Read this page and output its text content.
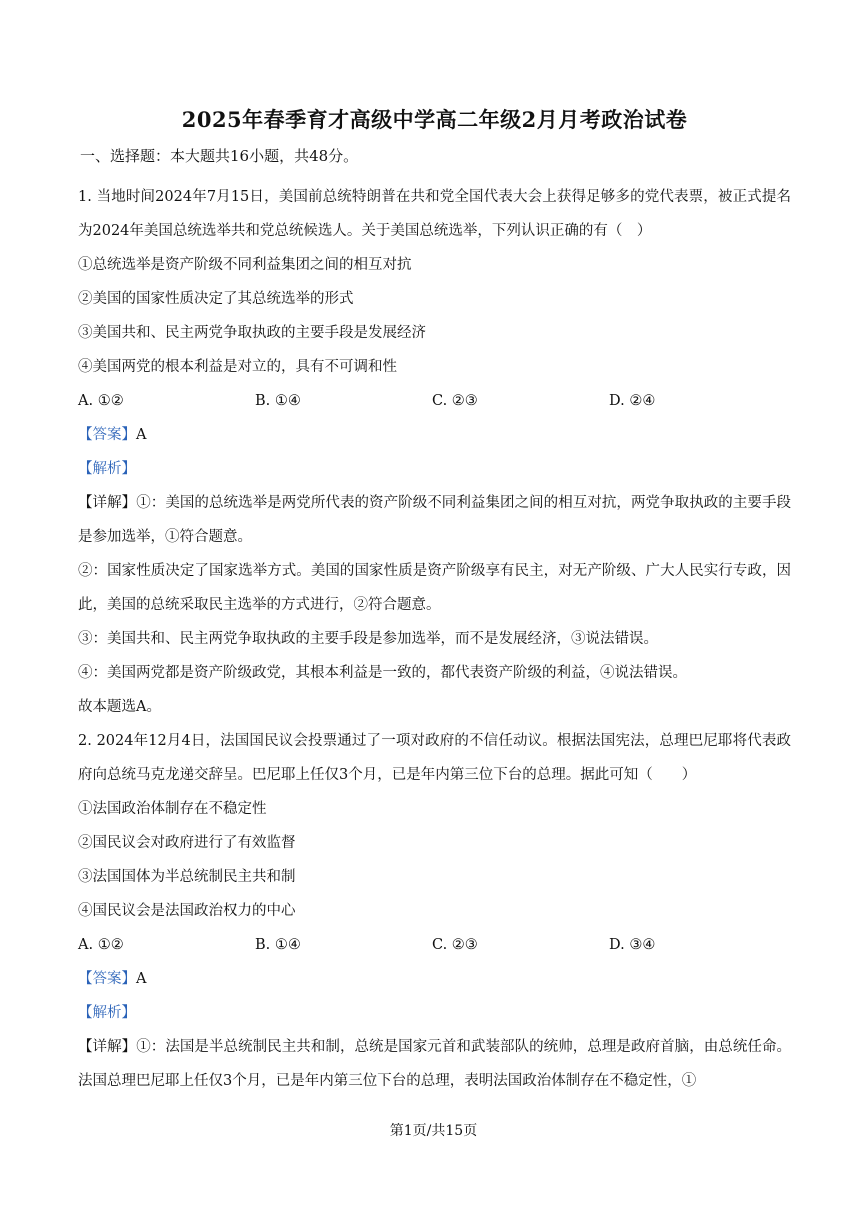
2025年春季育才高级中学高二年级2月月考政治试卷
一、选择题：本大题共16小题，共48分。

1. 当地时间2024年7月15日，美国前总统特朗普在共和党全国代表大会上获得足够多的党代表票，被正式提名为2024年美国总统选举共和党总统候选人。关于美国总统选举，下列认识正确的有（　）

①总统选举是资产阶级不同利益集团之间的相互对抗

②美国的国家性质决定了其总统选举的形式

③美国共和、民主两党争取执政的主要手段是发展经济

④美国两党的根本利益是对立的，具有不可调和性

A. ①②	B. ①④	C. ②③	D. ②④

【答案】A

【解析】

【详解】①：美国的总统选举是两党所代表的资产阶级不同利益集团之间的相互对抗，两党争取执政的主要手段是参加选举，①符合题意。

②：国家性质决定了国家选举方式。美国的国家性质是资产阶级享有民主，对无产阶级、广大人民实行专政，因此，美国的总统采取民主选举的方式进行，②符合题意。

③：美国共和、民主两党争取执政的主要手段是参加选举，而不是发展经济，③说法错误。

④：美国两党都是资产阶级政党，其根本利益是一致的，都代表资产阶级的利益，④说法错误。

故本题选A。

2. 2024年12月4日，法国国民议会投票通过了一项对政府的不信任动议。根据法国宪法，总理巴尼耶将代表政府向总统马克龙递交辞呈。巴尼耶上任仅3个月，已是年内第三位下台的总理。据此可知（　　）

①法国政治体制存在不稳定性

②国民议会对政府进行了有效监督

③法国国体为半总统制民主共和制

④国民议会是法国政治权力的中心

A. ①②	B. ①④	C. ②③	D. ③④

【答案】A

【解析】

【详解】①：法国是半总统制民主共和制，总统是国家元首和武装部队的统帅，总理是政府首脑，由总统任命。法国总理巴尼耶上任仅3个月，已是年内第三位下台的总理，表明法国政治体制存在不稳定性，①

第1页/共15页
